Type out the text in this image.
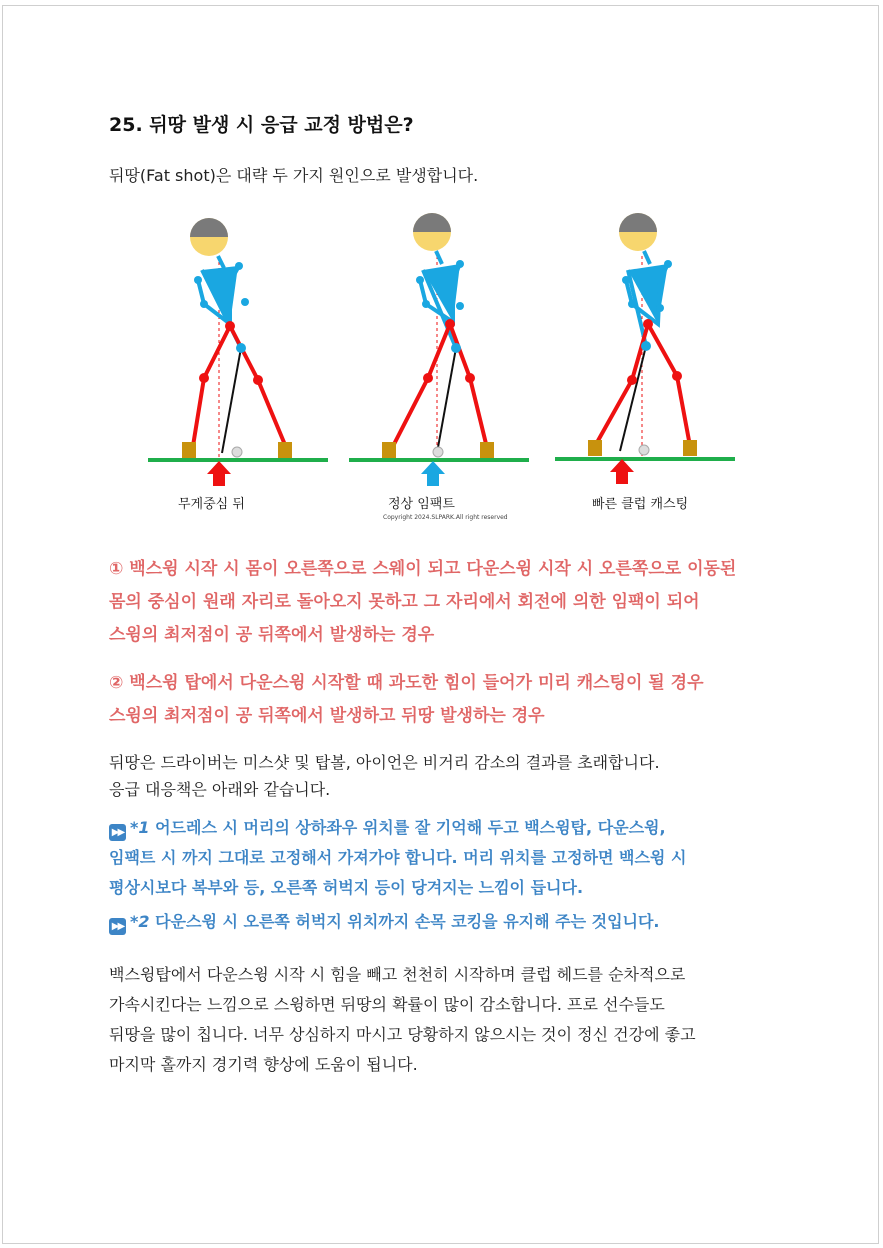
25. 뒤땅 발생 시 응급 교정 방법은?

뒤땅(Fat shot)은 대략 두 가지 원인으로 발생합니다.

무게중심 뒤	정상 임팩트	빠른 클럽 캐스팅
Copyright 2024.SLPARK.All right reserved
① 백스윙 시작 시 몸이 오른쪽으로 스웨이 되고 다운스윙 시작 시 오른쪽으로 이동된
몸의 중심이 원래 자리로 돌아오지 못하고 그 자리에서 회전에 의한 임팩이 되어
스윙의 최저점이 공 뒤쪽에서 발생하는 경우
② 백스윙 탑에서 다운스윙 시작할 때 과도한 힘이 들어가 미리 캐스팅이 될 경우
스윙의 최저점이 공 뒤쪽에서 발생하고 뒤땅 발생하는 경우
뒤땅은 드라이버는 미스샷 및 탑볼, 아이언은 비거리 감소의 결과를 초래합니다.
응급 대응책은 아래와 같습니다.
▶▶ *1 어드레스 시 머리의 상하좌우 위치를 잘 기억해 두고 백스윙탑, 다운스윙,
임팩트 시 까지 그대로 고정해서 가져가야 합니다. 머리 위치를 고정하면 백스윙 시
평상시보다 복부와 등, 오른쪽 허벅지 등이 당겨지는 느낌이 듭니다.
▶▶ *2 다운스윙 시 오른쪽 허벅지 위치까지 손목 코킹을 유지해 주는 것입니다.
백스윙탑에서 다운스윙 시작 시 힘을 빼고 천천히 시작하며 클럽 헤드를 순차적으로
가속시킨다는 느낌으로 스윙하면 뒤땅의 확률이 많이 감소합니다. 프로 선수들도
뒤땅을 많이 칩니다. 너무 상심하지 마시고 당황하지 않으시는 것이 정신 건강에 좋고
마지막 홀까지 경기력 향상에 도움이 됩니다.
